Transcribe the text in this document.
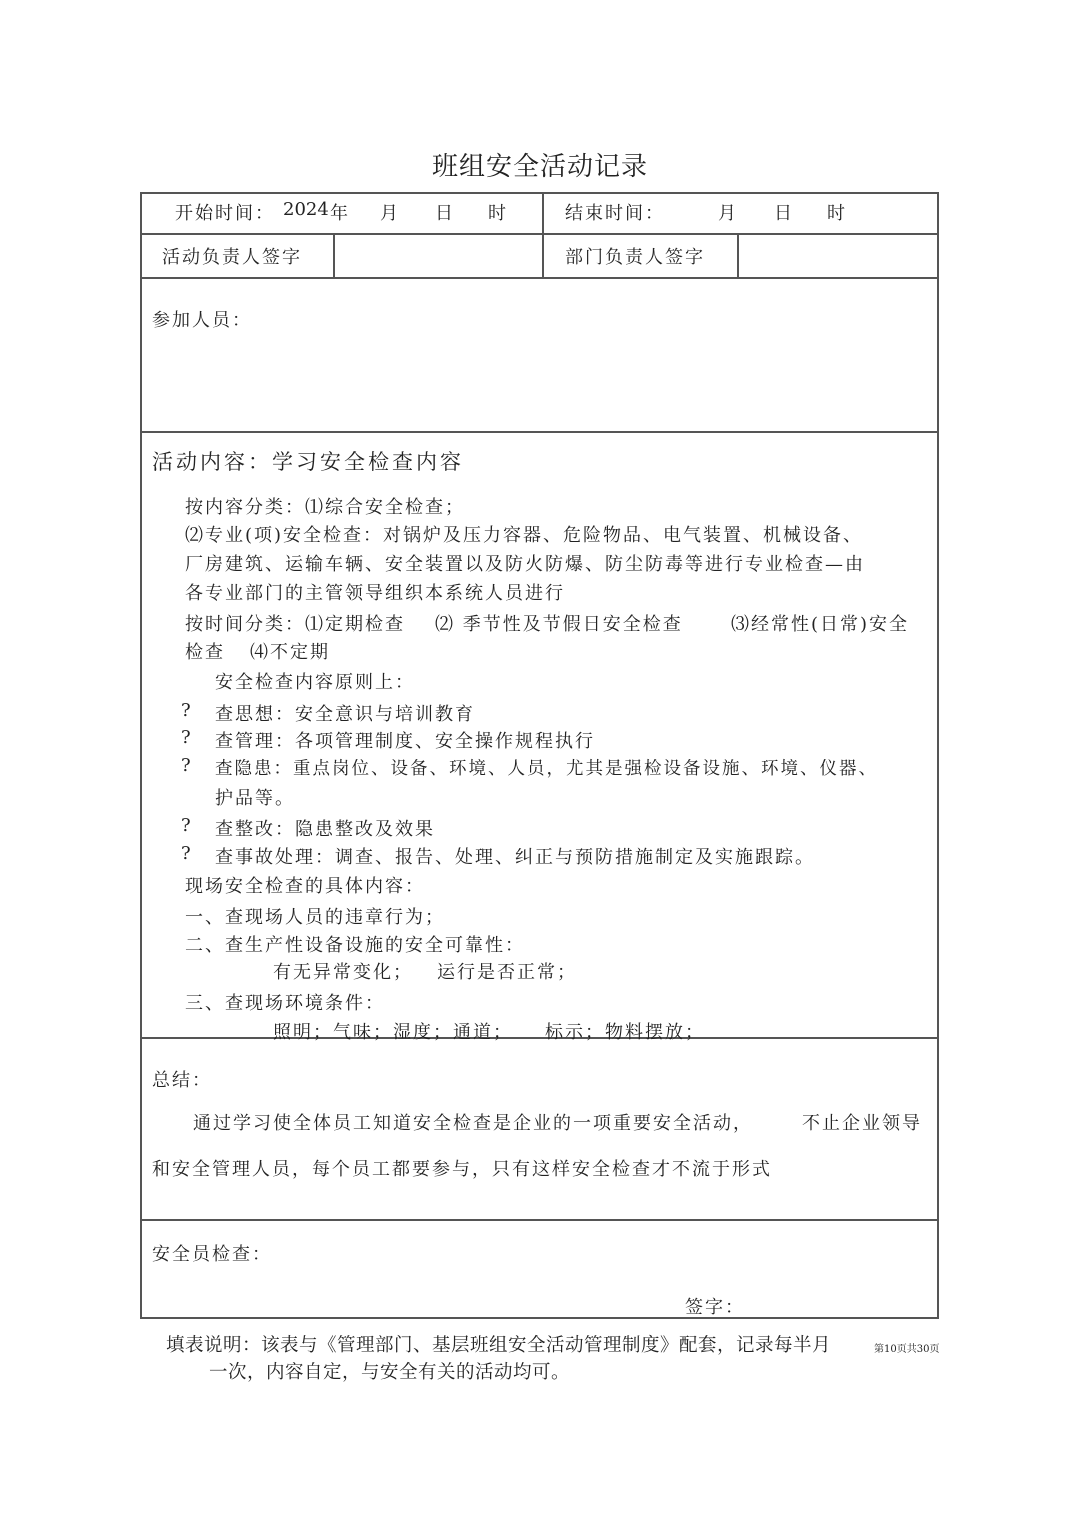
班组安全活动记录
开始时间： 2024 年 月 日 时	结束时间：	月 日 时
活动负责人签字	部门负责人签字
参加人员：
活动内容：学习安全检查内容
按内容分类：⑴综合安全检查；
⑵专业(项)安全检查：对锅炉及压力容器、危险物品、电气装置、机械设备、
厂房建筑、运输车辆、安全装置以及防火防爆、防尘防毒等进行专业检查—由
各专业部门的主管领导组织本系统人员进行
按时间分类：⑴定期检查 ⑵ 季节性及节假日安全检查	⑶经常性(日常)安全
检查 ⑷不定期
安全检查内容原则上：
? 查思想：安全意识与培训教育
? 查管理：各项管理制度、安全操作规程执行
? 查隐患：重点岗位、设备、环境、人员，尤其是强检设备设施、环境、仪器、
护品等。
? 查整改：隐患整改及效果
? 查事故处理：调查、报告、处理、纠正与预防措施制定及实施跟踪。
现场安全检查的具体内容：
一、查现场人员的违章行为；
二、查生产性设备设施的安全可靠性：
有无异常变化； 运行是否正常；
三、查现场环境条件：
照明；气味；湿度；通道； 标示；物料摆放；
总结：
通过学习使全体员工知道安全检查是企业的一项重要安全活动，	不止企业领导
和安全管理人员，每个员工都要参与，只有这样安全检查才不流于形式
安全员检查：
签字：
填表说明：该表与《管理部门、基层班组安全活动管理制度》配套，记录每半月
一次，内容自定，与安全有关的活动均可。
第10页共30页
